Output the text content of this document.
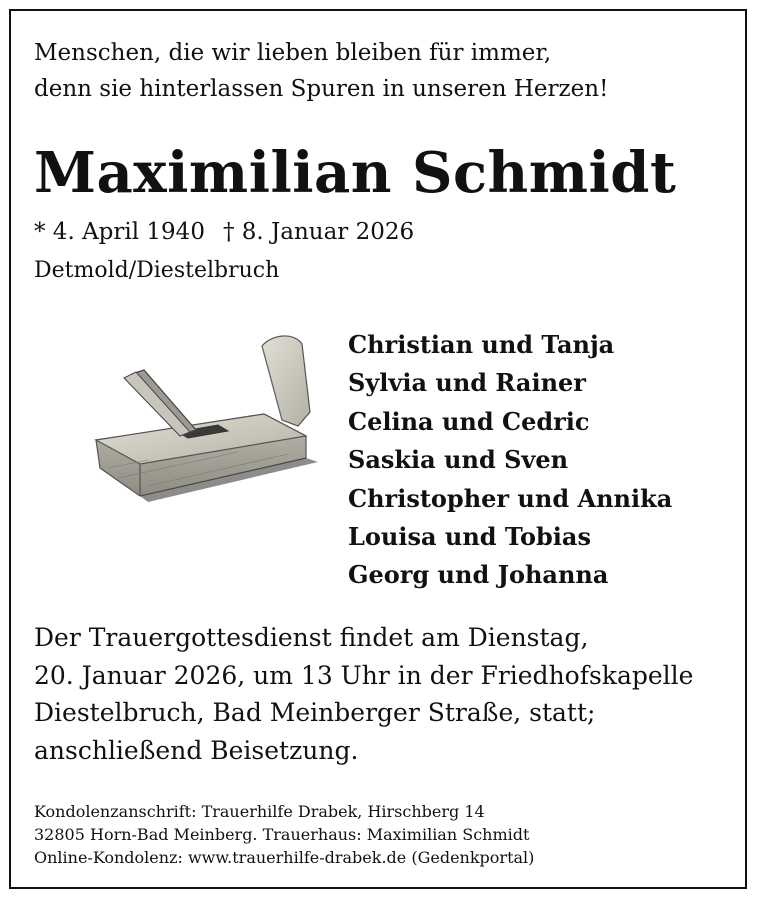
Menschen, die wir lieben bleiben für immer,
denn sie hinterlassen Spuren in unseren Herzen!
Maximilian Schmidt
* 4. April 1940 † 8. Januar 2026
Detmold/Diestelbruch
Christian und Tanja
Sylvia und Rainer
Celina und Cedric
Saskia und Sven
Christopher und Annika
Louisa und Tobias
Georg und Johanna
Der Trauergottesdienst findet am Dienstag,
20. Januar 2026, um 13 Uhr in der Friedhofskapelle
Diestelbruch, Bad Meinberger Straße, statt;
anschließend Beisetzung.
Kondolenzanschrift: Trauerhilfe Drabek, Hirschberg 14
32805 Horn-Bad Meinberg. Trauerhaus: Maximilian Schmidt
Online-Kondolenz: www.trauerhilfe-drabek.de (Gedenkportal)
